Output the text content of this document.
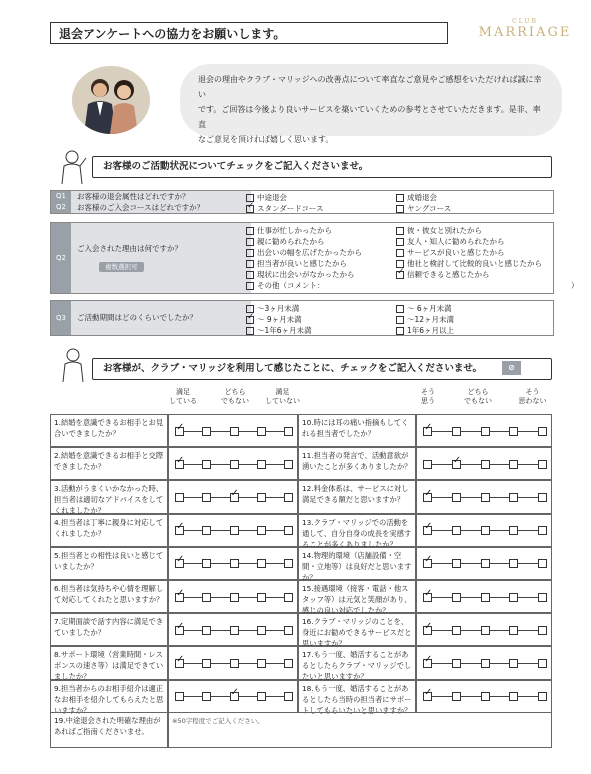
退会アンケートへの協力をお願いします。
CLUB
MARRIAGE
退会の理由やクラブ・マリッジへの改善点について率直なご意見やご感想をいただければ誠に幸い
です。ご回答は今後より良いサービスを築いていくための参考とさせていただきます。是非、率直
なご意見を頂ければ嬉しく思います。
お客様のご活動状況についてチェックをご記入くださいませ。
Q1
Q2
お客様の退会属性はどれですか？
お客様のご入会コースはどれですか？
中途退会	成婚退会
✓スタンダードコース	ヤングコース
Q2
ご入会された理由は何ですか？
複数選択可
仕事が忙しかったから	彼・彼女と別れたから
親に勧められたから	友人・知人に勧められたから
出会いの幅を広げたかったから	サービスが良いと感じたから
担当者が良いと感じたから	他社と検討して比較的良いと感じたから
現状に出会いがなかったから
✓	信頼できると感じたから
その他（コメント：	）
Q3	ご活動期間はどのくらいでしたか？
～3ヶ月未満	～ 6ヶ月未満
✓～ 9ヶ月未満	～12ヶ月未満
～1年6ヶ月未満	1年6ヶ月以上
お客様が、クラブ・マリッジを利用して感じたことに、チェックをご記入くださいませ。	⊘
満足
している
どちら
でもない
満足
していない
そう
思う
どちら
でもない
そう
思わない
1.結婚を意識できるお相手とお見合いできましたか？
✓
2.結婚を意識できるお相手と交際できましたか？
✓
3.活動がうまくいかなかった時、担当者は適切なアドバイスをしてくれましたか？
✓
4.担当者は丁寧に親身に対応してくれましたか？
✓
5.担当者との相性は良いと感じていましたか？
✓
6.担当者は気持ちや心情を理解して対応してくれたと思いますか？
✓
7.定期面談で話す内容に満足できていましたか？
✓
8.サポート環境（営業時間・レスポンスの速さ等）は満足できていましたか？
✓
9.担当者からのお相手紹介は適正なお相手を紹介してもらえたと思いますか？
✓
10.時には耳の痛い指摘もしてくれる担当者でしたか？
✓
11.担当者の発言で、活動意欲が湧いたことが多くありましたか？
✓
12.料金体系は、サービスに対し満足できる額だと思いますか？
✓
13.クラブ・マリッジでの活動を通して、自分自身の成長を実感することが多くありましたか？
✓
14.物理的環境（店舗設備・空間・立地等）は良好だと思いますか？
✓
15.接遇環境（接客・電話・他スタッフ等）は元気と笑顔があり、感じの良い対応でしたか？
✓
16.クラブ・マリッジのことを、身近にお勧めできるサービスだと思いますか？
✓
17.もう一度、婚活することがあるとしたらクラブ・マリッジでしたいと思いますか？
✓
18.もう一度、婚活することがあるとしたら当時の担当者にサポートしてもらいたいと思いますか？
✓
19.中途退会された明確な理由があればご指南くださいませ。
※50字程度でご記入ください。
